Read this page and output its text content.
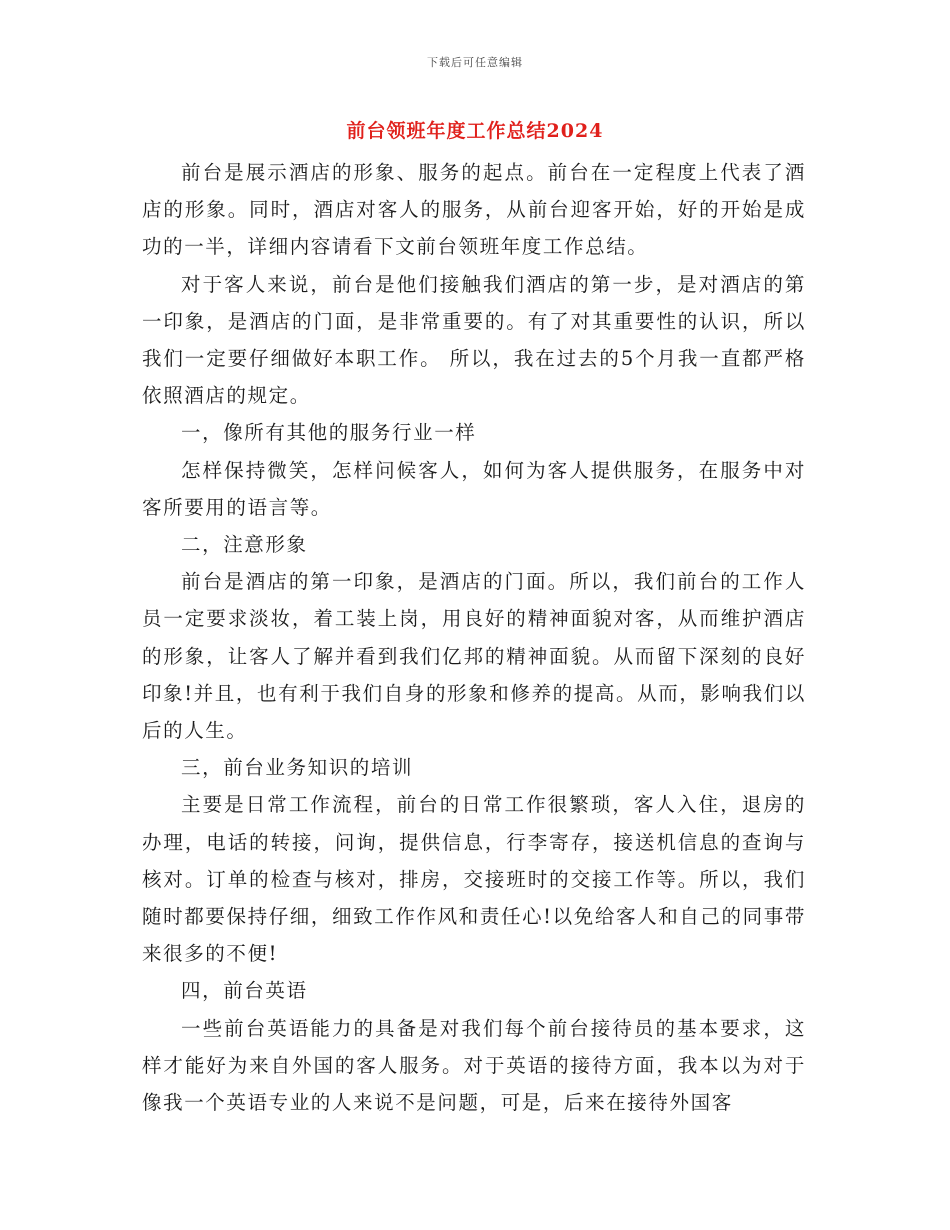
下载后可任意编辑
前台领班年度工作总结2024

前台是展示酒店的形象、服务的起点。前台在一定程度上代表了酒店的形象。同时，酒店对客人的服务，从前台迎客开始，好的开始是成功的一半，详细内容请看下文前台领班年度工作总结。

对于客人来说，前台是他们接触我们酒店的第一步，是对酒店的第一印象，是酒店的门面，是非常重要的。有了对其重要性的认识，所以我们一定要仔细做好本职工作。 所以，我在过去的5个月我一直都严格依照酒店的规定。

一，像所有其他的服务行业一样

怎样保持微笑，怎样问候客人，如何为客人提供服务，在服务中对客所要用的语言等。

二，注意形象

前台是酒店的第一印象，是酒店的门面。所以，我们前台的工作人员一定要求淡妆，着工装上岗，用良好的精神面貌对客，从而维护酒店的形象，让客人了解并看到我们亿邦的精神面貌。从而留下深刻的良好印象!并且，也有利于我们自身的形象和修养的提高。从而，影响我们以后的人生。

三，前台业务知识的培训

主要是日常工作流程，前台的日常工作很繁琐，客人入住，退房的办理，电话的转接，问询，提供信息，行李寄存，接送机信息的查询与核对。订单的检查与核对，排房，交接班时的交接工作等。所以，我们随时都要保持仔细，细致工作作风和责任心!以免给客人和自己的同事带来很多的不便!

四，前台英语

一些前台英语能力的具备是对我们每个前台接待员的基本要求，这样才能好为来自外国的客人服务。对于英语的接待方面，我本以为对于像我一个英语专业的人来说不是问题，可是，后来在接待外国客
